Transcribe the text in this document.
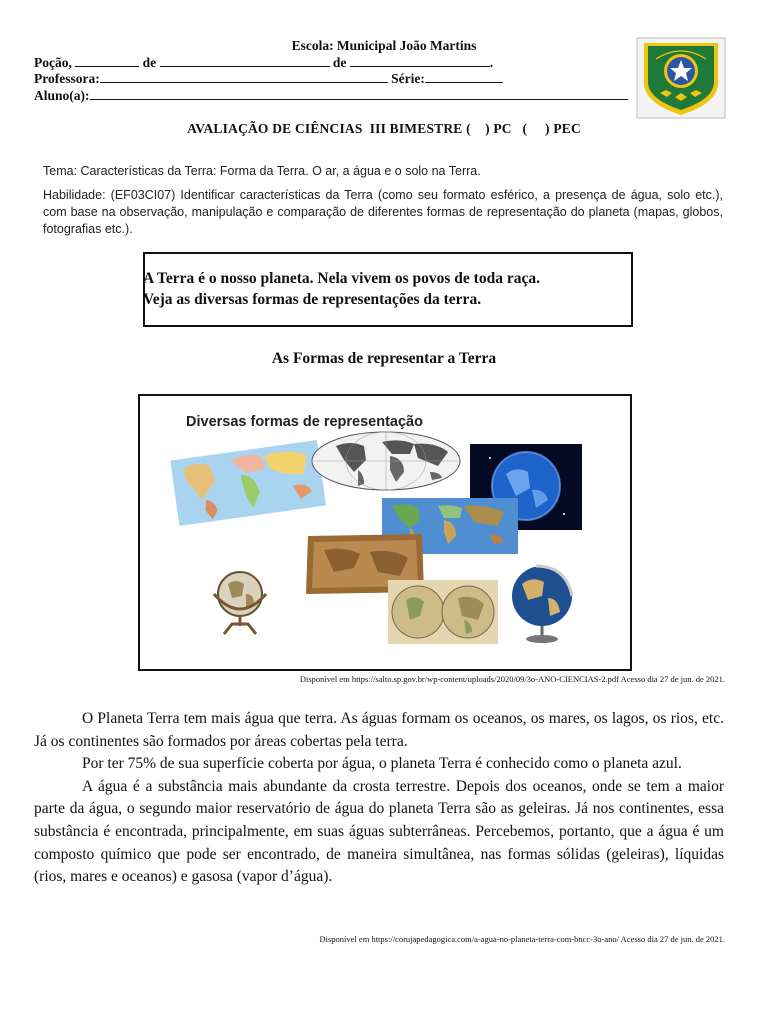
Escola: Municipal João Martins
Poção,	de	de	.
Professora:	Série:
Aluno(a):
AVALIAÇÃO DE CIÊNCIAS  III BIMESTRE (    ) PC   (     ) PEC
Tema: Características da Terra: Forma da Terra. O ar, a água e o solo na Terra.
Habilidade: (EF03CI07) Identificar características da Terra (como seu formato esférico, a presença de água, solo etc.), com base na observação, manipulação e comparação de diferentes formas de representação do planeta (mapas, globos, fotografias etc.).
A Terra é o nosso planeta. Nela vivem os povos de toda raça.
Veja as diversas formas de representações da terra.
As Formas de representar a Terra
Diversas formas de representação
Disponível em https://salto.sp.gov.br/wp-content/uploads/2020/09/3o-ANO-CIENCIAS-2.pdf Acesso dia 27 de jun. de 2021.

O Planeta Terra tem mais água que terra. As águas formam os oceanos, os mares, os lagos, os rios, etc. Já os continentes são formados por áreas cobertas pela terra.

Por ter 75% de sua superfície coberta por água, o planeta Terra é conhecido como o planeta azul.

A água é a substância mais abundante da crosta terrestre. Depois dos oceanos, onde se tem a maior parte da água, o segundo maior reservatório de água do planeta Terra são as geleiras. Já nos continentes, essa substância é encontrada, principalmente, em suas águas subterrâneas. Percebemos, portanto, que a água é um composto químico que pode ser encontrado, de maneira simultânea, nas formas sólidas (geleiras), líquidas (rios, mares e oceanos) e gasosa (vapor d’água).

Disponível em https://corujapedagogica.com/a-agua-no-planeta-terra-com-bncc-3o-ano/ Acesso dia 27 de jun. de 2021.
